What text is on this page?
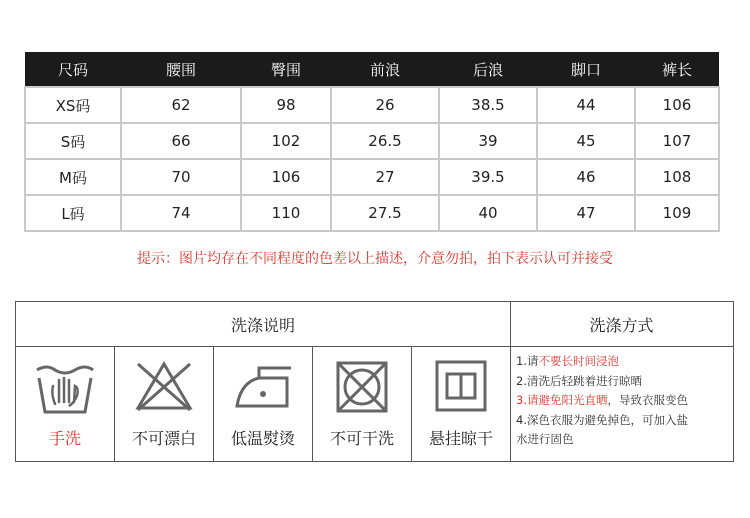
尺码	腰围	臀围	前浪	后浪	脚口	裤长
XS码	62	98	26	38.5	44	106
S码	66	102	26.5	39	45	107
M码	70	106	27	39.5	46	108
L码	74	110	27.5	40	47	109
提示：图片均存在不同程度的色差以上描述，介意勿拍，拍下表示认可并接受
洗涤说明	洗涤方式
手洗	不可漂白	低温熨烫	不可干洗	悬挂晾干
1.请不要长时间浸泡
2.清洗后轻跳着进行晾晒
3.请避免阳光直晒，导致衣服变色
4.深色衣服为避免掉色，可加入盐
水进行固色
